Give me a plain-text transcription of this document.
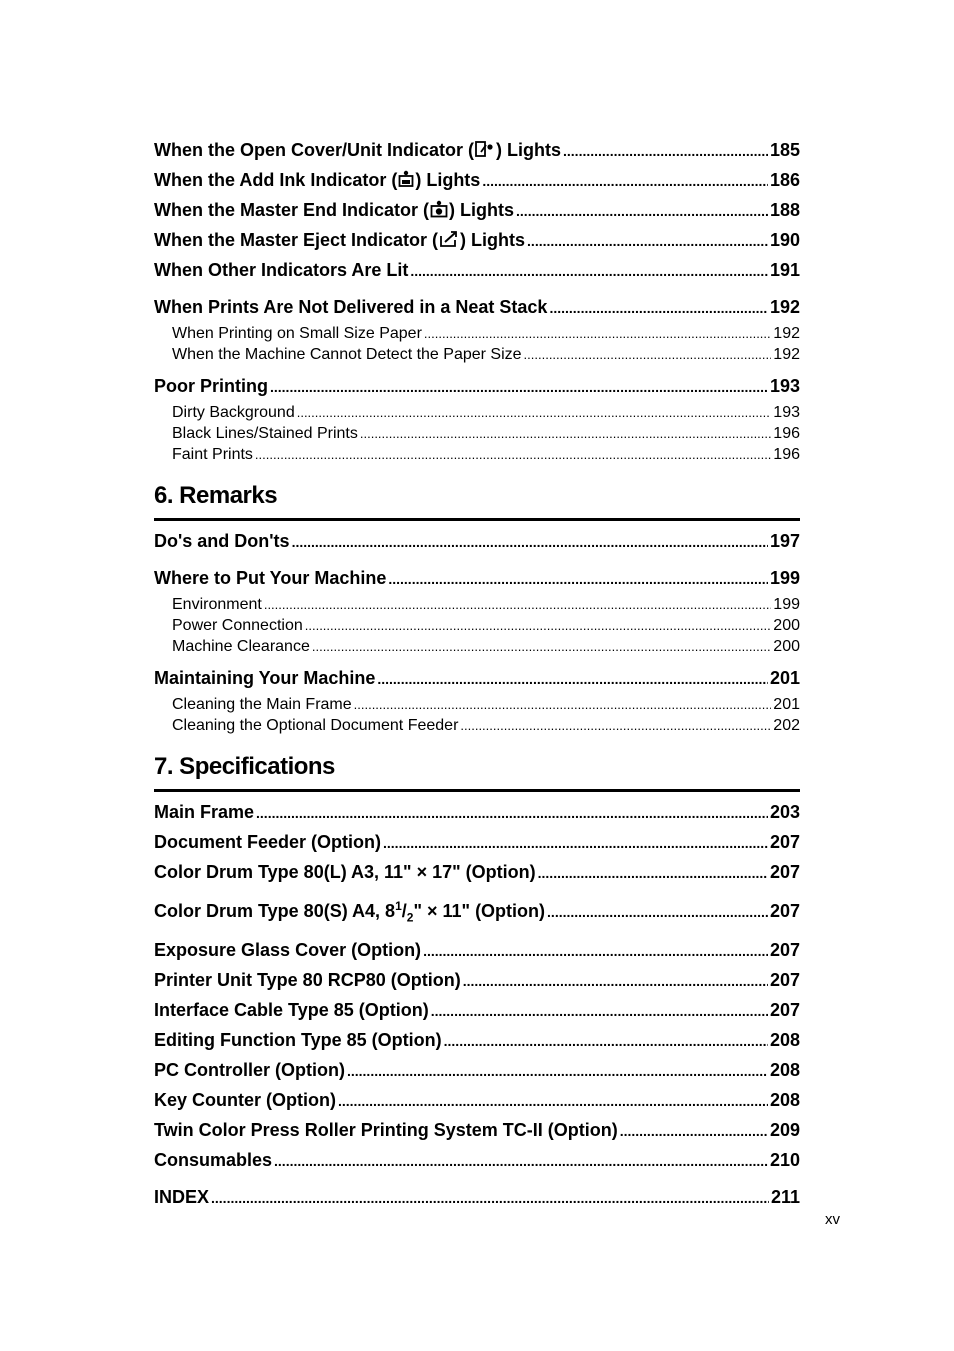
When the Open Cover/Unit Indicator ( ) Lights .....	185
When the Add Ink Indicator ( ) Lights .....	186
When the Master End Indicator ( ) Lights .....	188
When the Master Eject Indicator ( ) Lights .....	190
When Other Indicators Are Lit .....	191
When Prints Are Not Delivered in a Neat Stack .....	192
When Printing on Small Size Paper .....	192
When the Machine Cannot Detect the Paper Size .....	192
Poor Printing .....	193
Dirty Background .....	193
Black Lines/Stained Prints .....	196
Faint Prints .....	196
6. Remarks
Do's and Don'ts .....	197
Where to Put Your Machine .....	199
Environment .....	199
Power Connection .....	200
Machine Clearance .....	200
Maintaining Your Machine .....	201
Cleaning the Main Frame .....	201
Cleaning the Optional Document Feeder .....	202
7. Specifications
Main Frame .....	203
Document Feeder (Option) .....	207
Color Drum Type 80(L) A3, 11" × 17" (Option) .....	207
Color Drum Type 80(S) A4, $8^1/_2$" × 11" (Option) .....	207
Exposure Glass Cover (Option) .....	207
Printer Unit Type 80 RCP80 (Option) .....	207
Interface Cable Type 85 (Option) .....	207
Editing Function Type 85 (Option) .....	208
PC Controller (Option) .....	208
Key Counter (Option) .....	208
Twin Color Press Roller Printing System TC-II (Option) .....	209
Consumables .....	210
INDEX .....	211
xv
